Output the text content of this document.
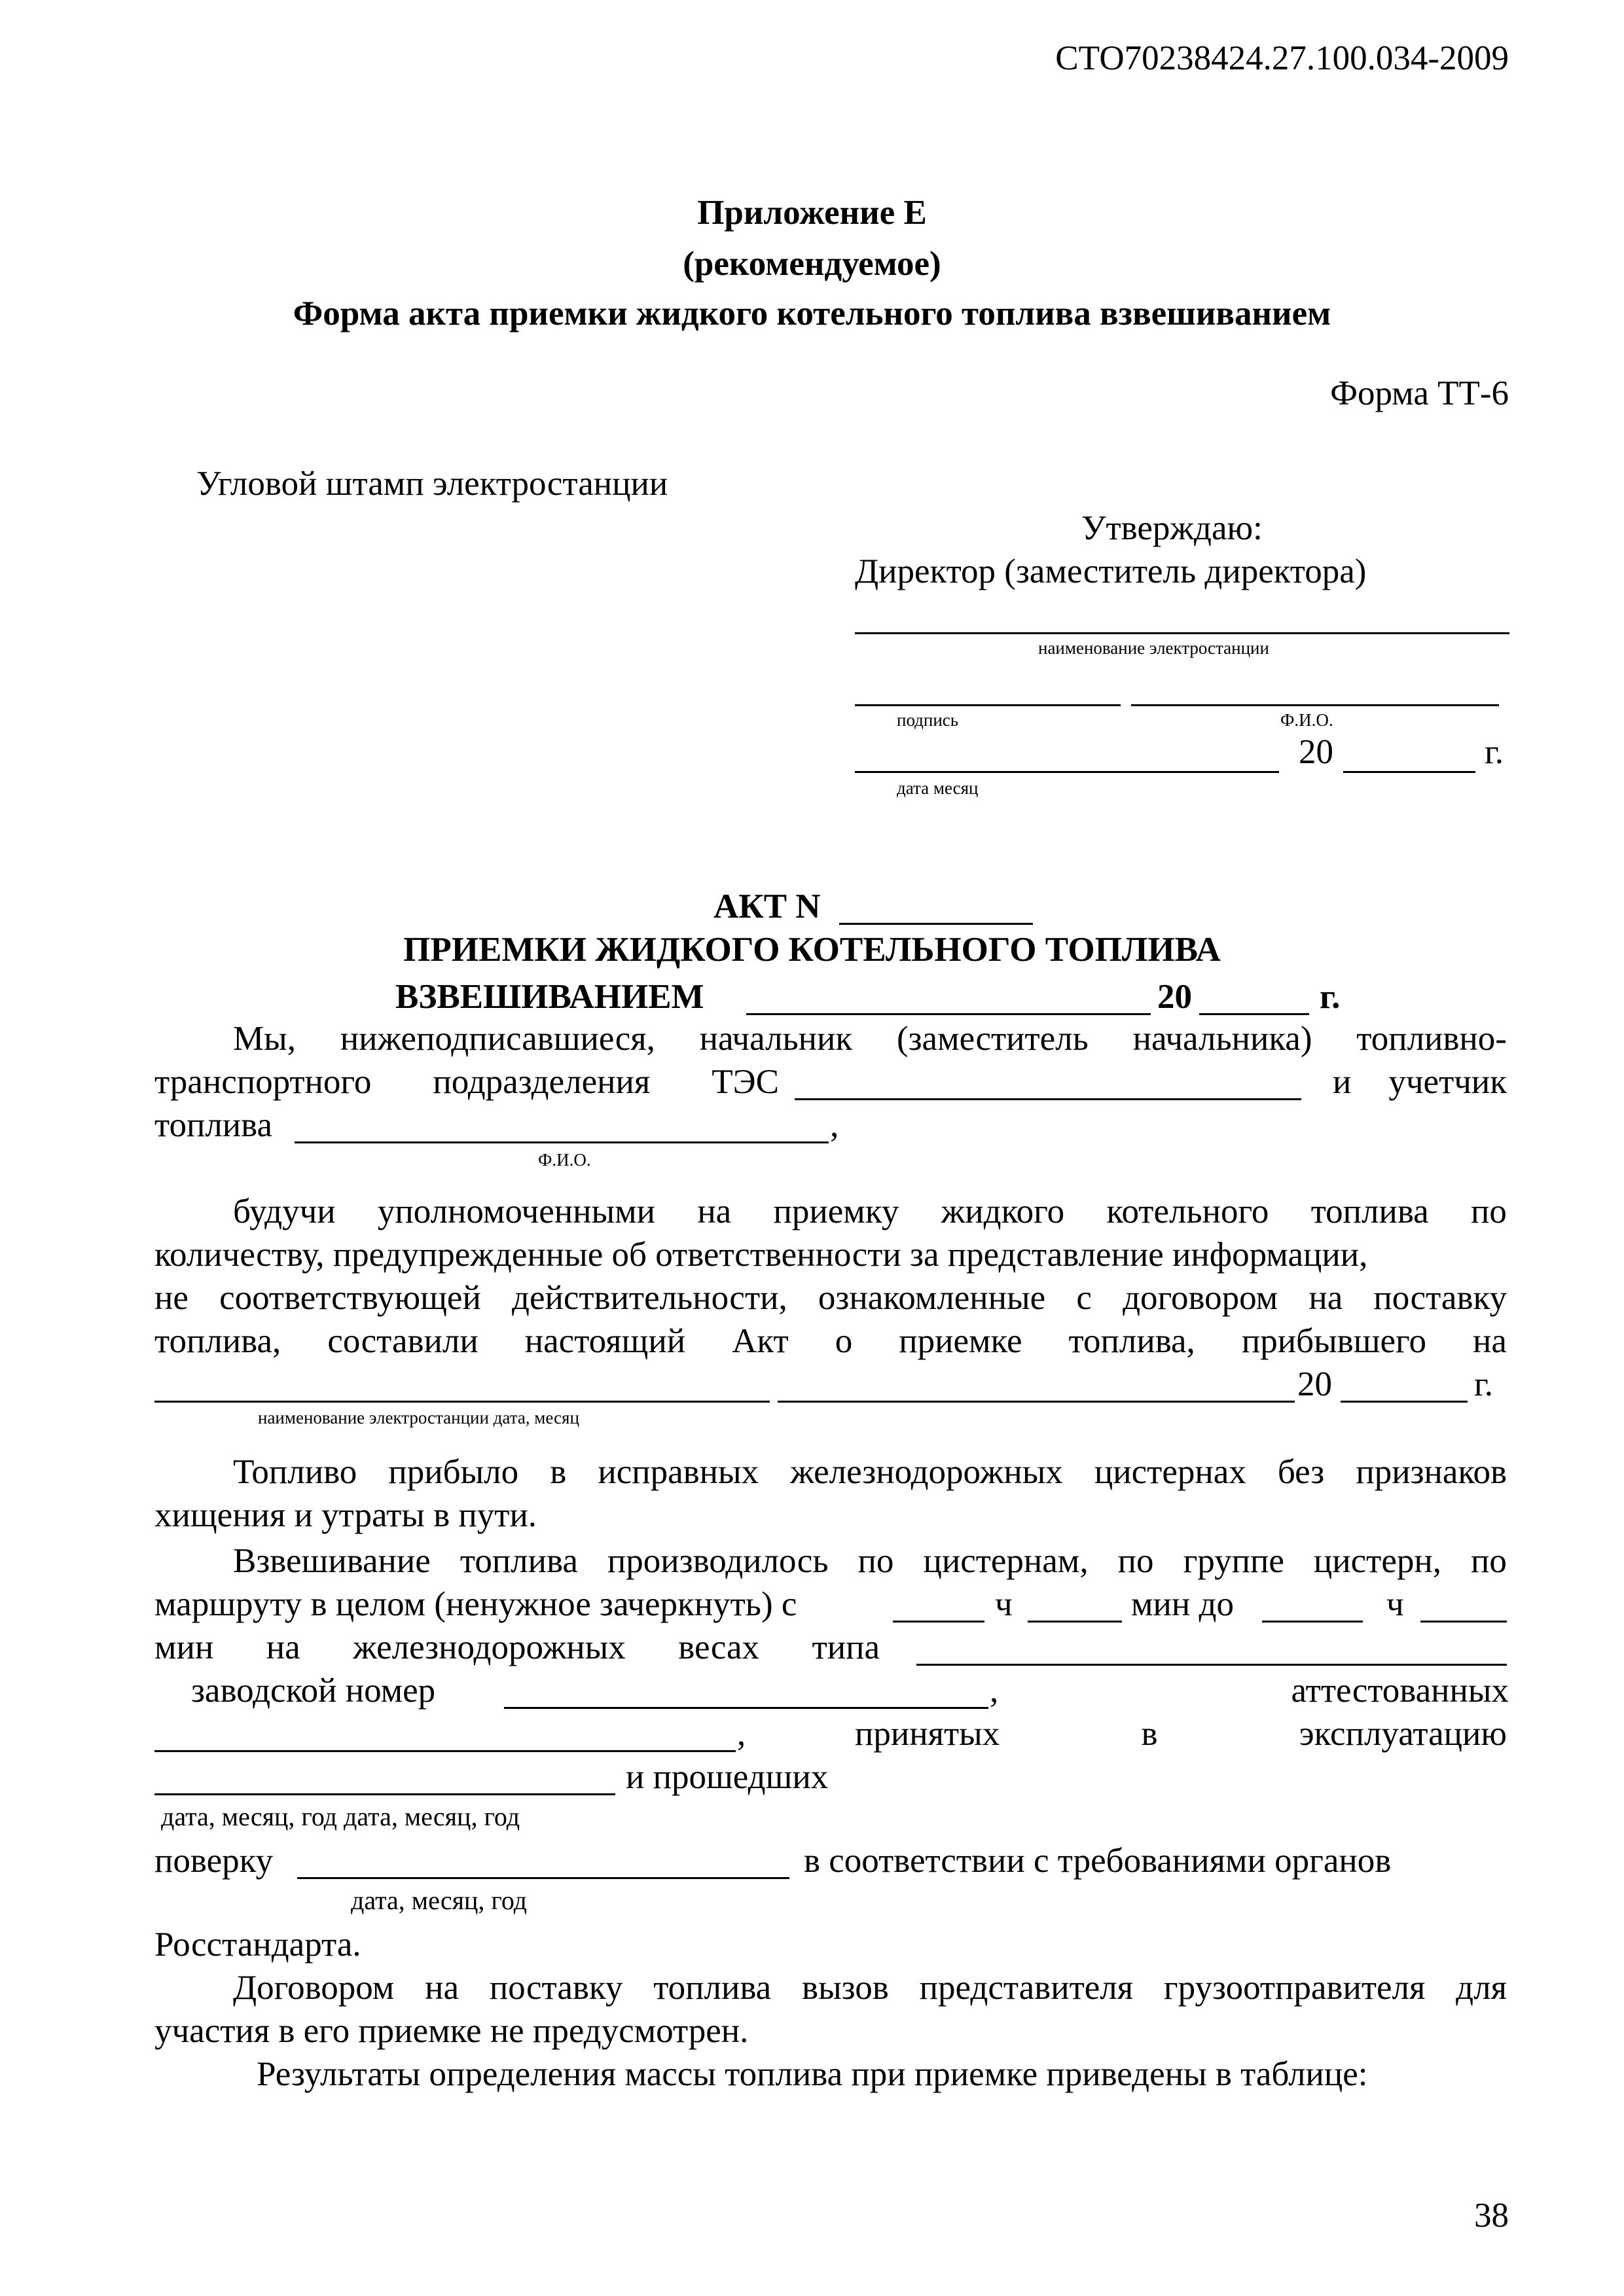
СТО70238424.27.100.034-2009
Приложение Е
(рекомендуемое)
Форма акта приемки жидкого котельного топлива взвешиванием
Форма ТТ-6
Угловой штамп электростанции
Утверждаю:
Директор (заместитель директора)
наименование электростанции
подпись	Ф.И.О.
20	г.
дата месяц
АКТ N
ПРИЕМКИ ЖИДКОГО КОТЕЛЬНОГО ТОПЛИВА
ВЗВЕШИВАНИЕМ	20	г.
Мы, нижеподписавшиеся, начальник (заместитель начальника) топливно-
транспортного подразделения ТЭС	и учетчик
топлива	,
Ф.И.О.
будучи уполномоченными на приемку жидкого котельного топлива по
количеству, предупрежденные об ответственности за представление информации,
не соответствующей действительности, ознакомленные с договором на поставку
топлива, составили настоящий Акт о приемке топлива, прибывшего на
20	г.
наименование электростанции дата, месяц
Топливо прибыло в исправных железнодорожных цистернах без признаков
хищения и утраты в пути.
Взвешивание топлива производилось по цистернам, по группе цистерн, по
маршруту в целом (ненужное зачеркнуть) с	ч	мин до	ч
мин на железнодорожных весах типа
заводской номер	,	аттестованных
,	принятых	в	эксплуатацию
и прошедших
дата, месяц, год дата, месяц, год
поверку	в соответствии с требованиями органов
дата, месяц, год
Росстандарта.
Договором на поставку топлива вызов представителя грузоотправителя для
участия в его приемке не предусмотрен.
Результаты определения массы топлива при приемке приведены в таблице:
38
